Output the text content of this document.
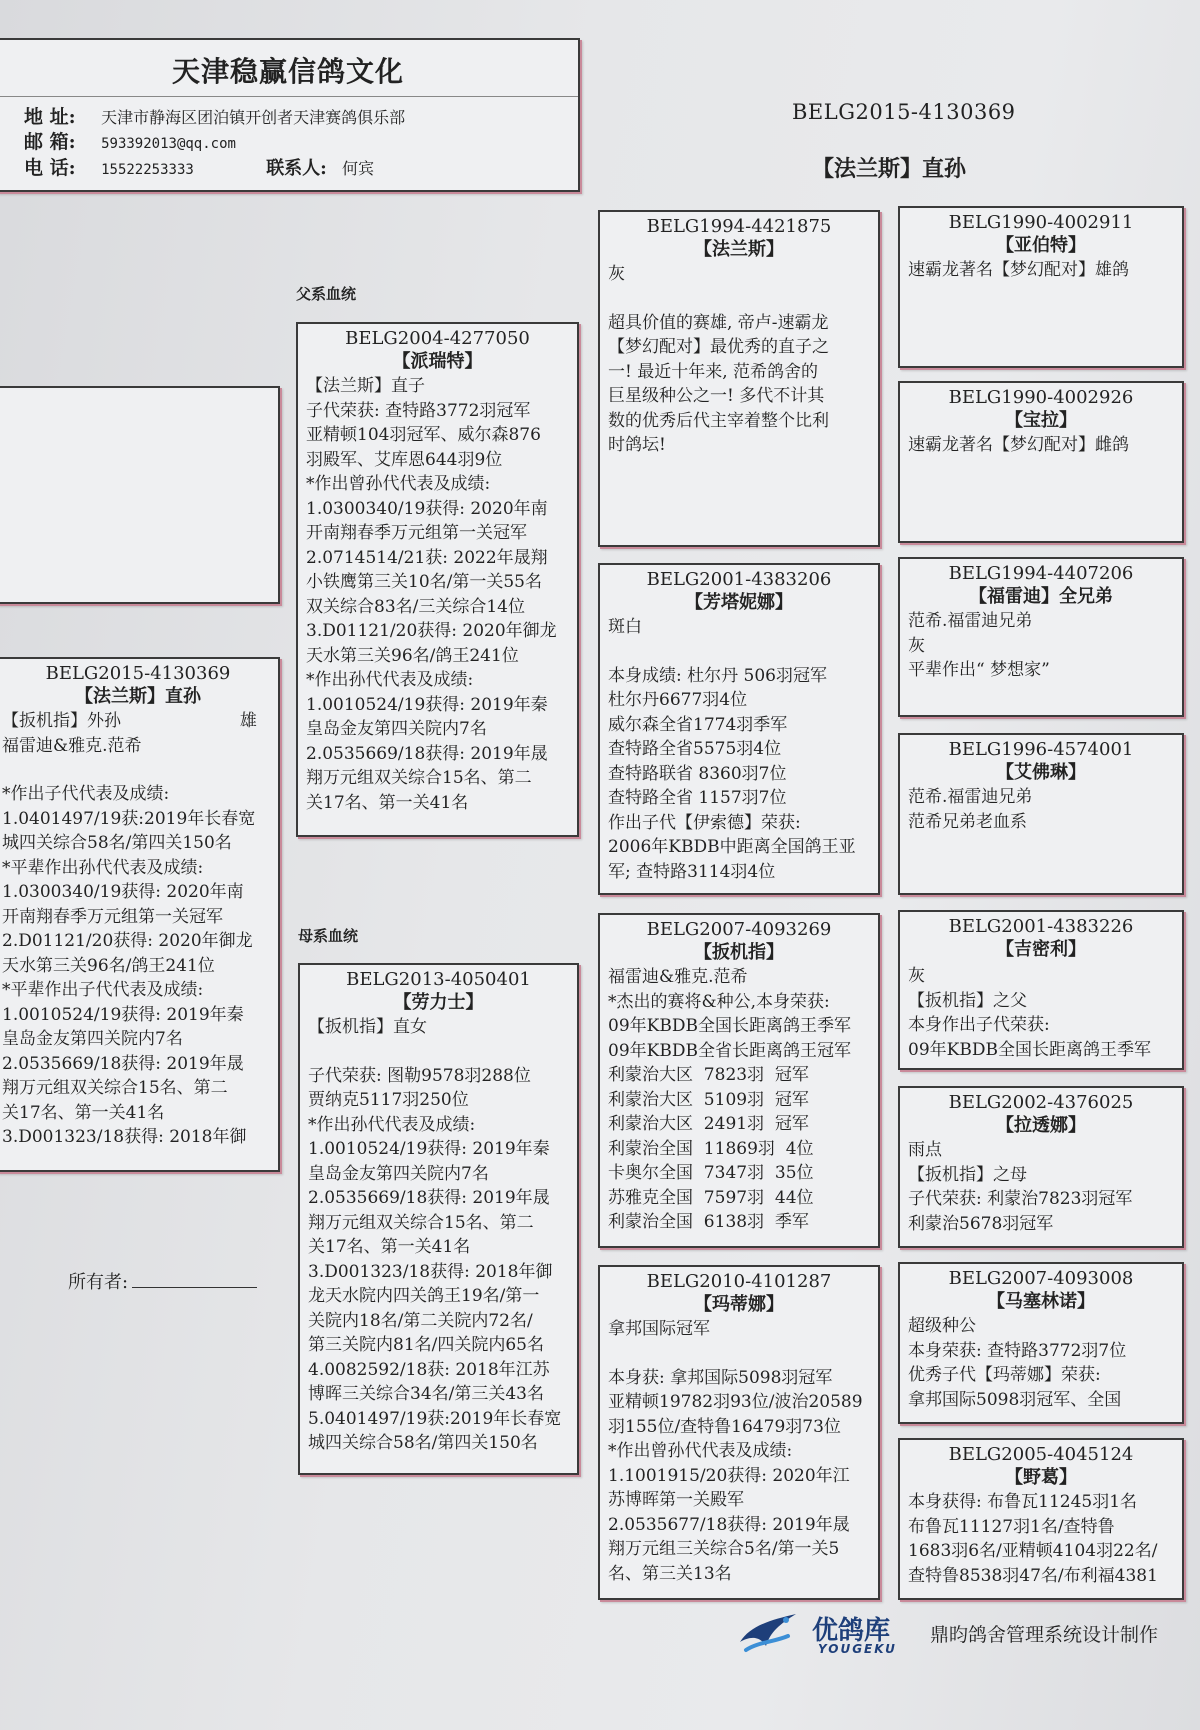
天津稳赢信鸽文化
地 址: 天津市静海区团泊镇开创者天津赛鸽俱乐部
邮 箱: 593392013@qq.com
电 话: 15522253333	联系人: 何宾
BELG2015-4130369
【法兰斯】直孙
父系血统
母系血统
BELG2015-4130369
【法兰斯】直孙
【扳机指】外孙                      雄
福雷迪&雅克.范希
*作出子代代表及成绩:
1.0401497/19获:2019年长春宽
城四关综合58名/第四关150名
*平辈作出孙代代表及成绩:
1.0300340/19获得: 2020年南
开南翔春季万元组第一关冠军
2.D01121/20获得: 2020年御龙
天水第三关96名/鸽王241位
*平辈作出子代代表及成绩:
1.0010524/19获得: 2019年秦
皇岛金友第四关院内7名
2.0535669/18获得: 2019年晟
翔万元组双关综合15名、第二
关17名、第一关41名
3.D001323/18获得: 2018年御
所有者:
BELG2004-4277050
【派瑞特】
【法兰斯】直子
子代荣获: 查特路3772羽冠军
亚精顿104羽冠军、威尔森876
羽殿军、艾库恩644羽9位
*作出曾孙代代表及成绩:
1.0300340/19获得: 2020年南
开南翔春季万元组第一关冠军
2.0714514/21获: 2022年晟翔
小铁鹰第三关10名/第一关55名
双关综合83名/三关综合14位
3.D01121/20获得: 2020年御龙
天水第三关96名/鸽王241位
*作出孙代代表及成绩:
1.0010524/19获得: 2019年秦
皇岛金友第四关院内7名
2.0535669/18获得: 2019年晟
翔万元组双关综合15名、第二
关17名、第一关41名
BELG2013-4050401
【劳力士】
【扳机指】直女
子代荣获: 图勒9578羽288位
贾纳克5117羽250位
*作出孙代代表及成绩:
1.0010524/19获得: 2019年秦
皇岛金友第四关院内7名
2.0535669/18获得: 2019年晟
翔万元组双关综合15名、第二
关17名、第一关41名
3.D001323/18获得: 2018年御
龙天水院内四关鸽王19名/第一
关院内18名/第二关院内72名/
第三关院内81名/四关院内65名
4.0082592/18获: 2018年江苏
博晖三关综合34名/第三关43名
5.0401497/19获:2019年长春宽
城四关综合58名/第四关150名
BELG1994-4421875
【法兰斯】
灰
超具价值的赛雄, 帝卢-速霸龙
【梦幻配对】最优秀的直子之
一! 最近十年来, 范希鸽舍的
巨星级种公之一! 多代不计其
数的优秀后代主宰着整个比利
时鸽坛!
BELG2001-4383206
【芳塔妮娜】
斑白
本身成绩: 杜尔丹 506羽冠军
杜尔丹6677羽4位
威尔森全省1774羽季军
查特路全省5575羽4位
查特路联省 8360羽7位
查特路全省 1157羽7位
作出子代【伊索德】荣获:
2006年KBDB中距离全国鸽王亚
军; 查特路3114羽4位
BELG2007-4093269
【扳机指】
福雷迪&雅克.范希
*杰出的赛将&种公,本身荣获:
09年KBDB全国长距离鸽王季军
09年KBDB全省长距离鸽王冠军
利蒙治大区  7823羽  冠军
利蒙治大区  5109羽  冠军
利蒙治大区  2491羽  冠军
利蒙治全国  11869羽  4位
卡奥尔全国  7347羽  35位
苏雅克全国  7597羽  44位
利蒙治全国  6138羽  季军
BELG2010-4101287
【玛蒂娜】
拿邦国际冠军
本身获: 拿邦国际5098羽冠军
亚精顿19782羽93位/波治20589
羽155位/查特鲁16479羽73位
*作出曾孙代代表及成绩:
1.1001915/20获得: 2020年江
苏博晖第一关殿军
2.0535677/18获得: 2019年晟
翔万元组三关综合5名/第一关5
名、第三关13名
BELG1990-4002911
【亚伯特】
速霸龙著名【梦幻配对】雄鸽
BELG1990-4002926
【宝拉】
速霸龙著名【梦幻配对】雌鸽
BELG1994-4407206
【福雷迪】全兄弟
范希.福雷迪兄弟
灰
平辈作出“ 梦想家”
BELG1996-4574001
【艾佛琳】
范希.福雷迪兄弟
范希兄弟老血系
BELG2001-4383226
【吉密利】
灰
【扳机指】之父
本身作出子代荣获:
09年KBDB全国长距离鸽王季军
BELG2002-4376025
【拉透娜】
雨点
【扳机指】之母
子代荣获: 利蒙治7823羽冠军
利蒙治5678羽冠军
BELG2007-4093008
【马塞林诺】
超级种公
本身荣获: 查特路3772羽7位
优秀子代【玛蒂娜】荣获:
拿邦国际5098羽冠军、全国
BELG2005-4045124
【野葛】
本身获得: 布鲁瓦11245羽1名
布鲁瓦11127羽1名/查特鲁
1683羽6名/亚精顿4104羽22名/
查特鲁8538羽47名/布利福4381
优鸽库
YOUGEKU
鼎昀鸽舍管理系统设计制作
